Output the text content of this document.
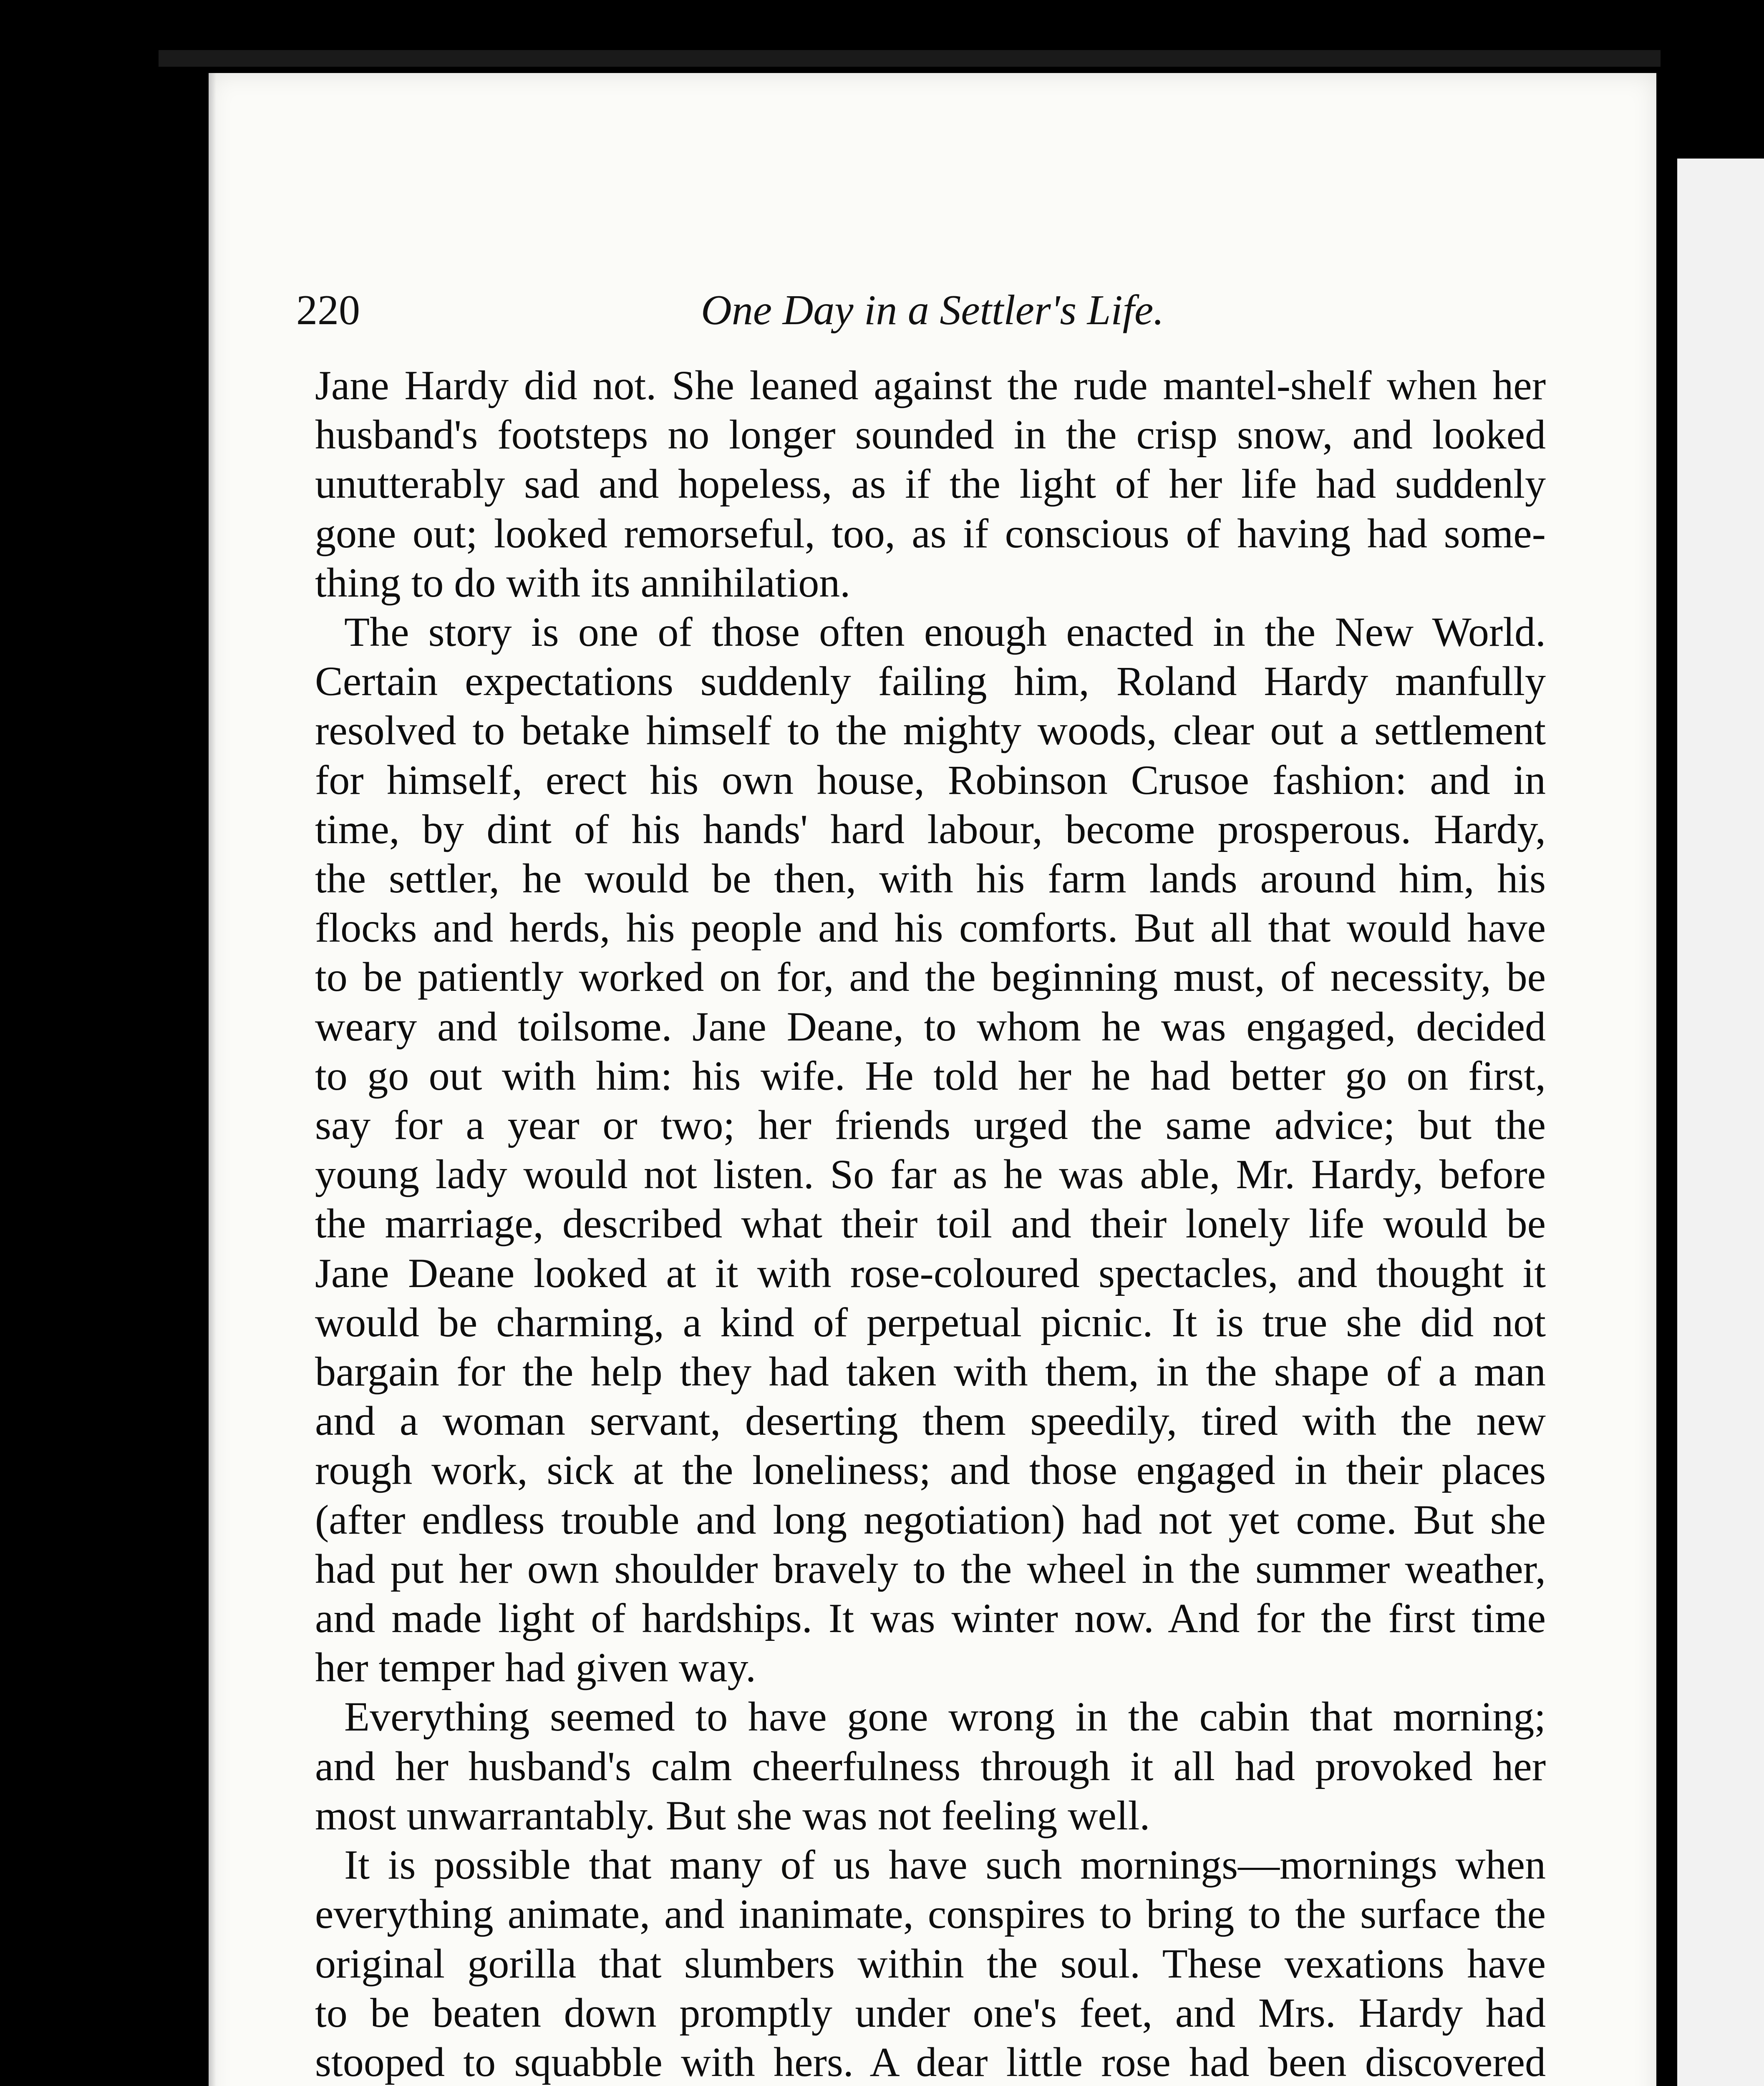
220	One Day in a Settler's Life.
Jane Hardy did not. She leaned against the rude mantel-shelf when her
husband's footsteps no longer sounded in the crisp snow, and looked
unutterably sad and hopeless, as if the light of her life had suddenly
gone out; looked remorseful, too, as if conscious of having had some-
thing to do with its annihilation.
The story is one of those often enough enacted in the New World.
Certain expectations suddenly failing him, Roland Hardy manfully
resolved to betake himself to the mighty woods, clear out a settlement
for himself, erect his own house, Robinson Crusoe fashion: and in
time, by dint of his hands' hard labour, become prosperous. Hardy,
the settler, he would be then, with his farm lands around him, his
flocks and herds, his people and his comforts. But all that would have
to be patiently worked on for, and the beginning must, of necessity, be
weary and toilsome. Jane Deane, to whom he was engaged, decided
to go out with him: his wife. He told her he had better go on first,
say for a year or two; her friends urged the same advice; but the
young lady would not listen. So far as he was able, Mr. Hardy, before
the marriage, described what their toil and their lonely life would be
Jane Deane looked at it with rose-coloured spectacles, and thought it
would be charming, a kind of perpetual picnic. It is true she did not
bargain for the help they had taken with them, in the shape of a man
and a woman servant, deserting them speedily, tired with the new
rough work, sick at the loneliness; and those engaged in their places
(after endless trouble and long negotiation) had not yet come. But she
had put her own shoulder bravely to the wheel in the summer weather,
and made light of hardships. It was winter now. And for the first time
her temper had given way.
Everything seemed to have gone wrong in the cabin that morning;
and her husband's calm cheerfulness through it all had provoked her
most unwarrantably. But she was not feeling well.
It is possible that many of us have such mornings—mornings when
everything animate, and inanimate, conspires to bring to the surface the
original gorilla that slumbers within the soul. These vexations have
to be beaten down promptly under one's feet, and Mrs. Hardy had
stooped to squabble with hers. A dear little rose had been discovered
